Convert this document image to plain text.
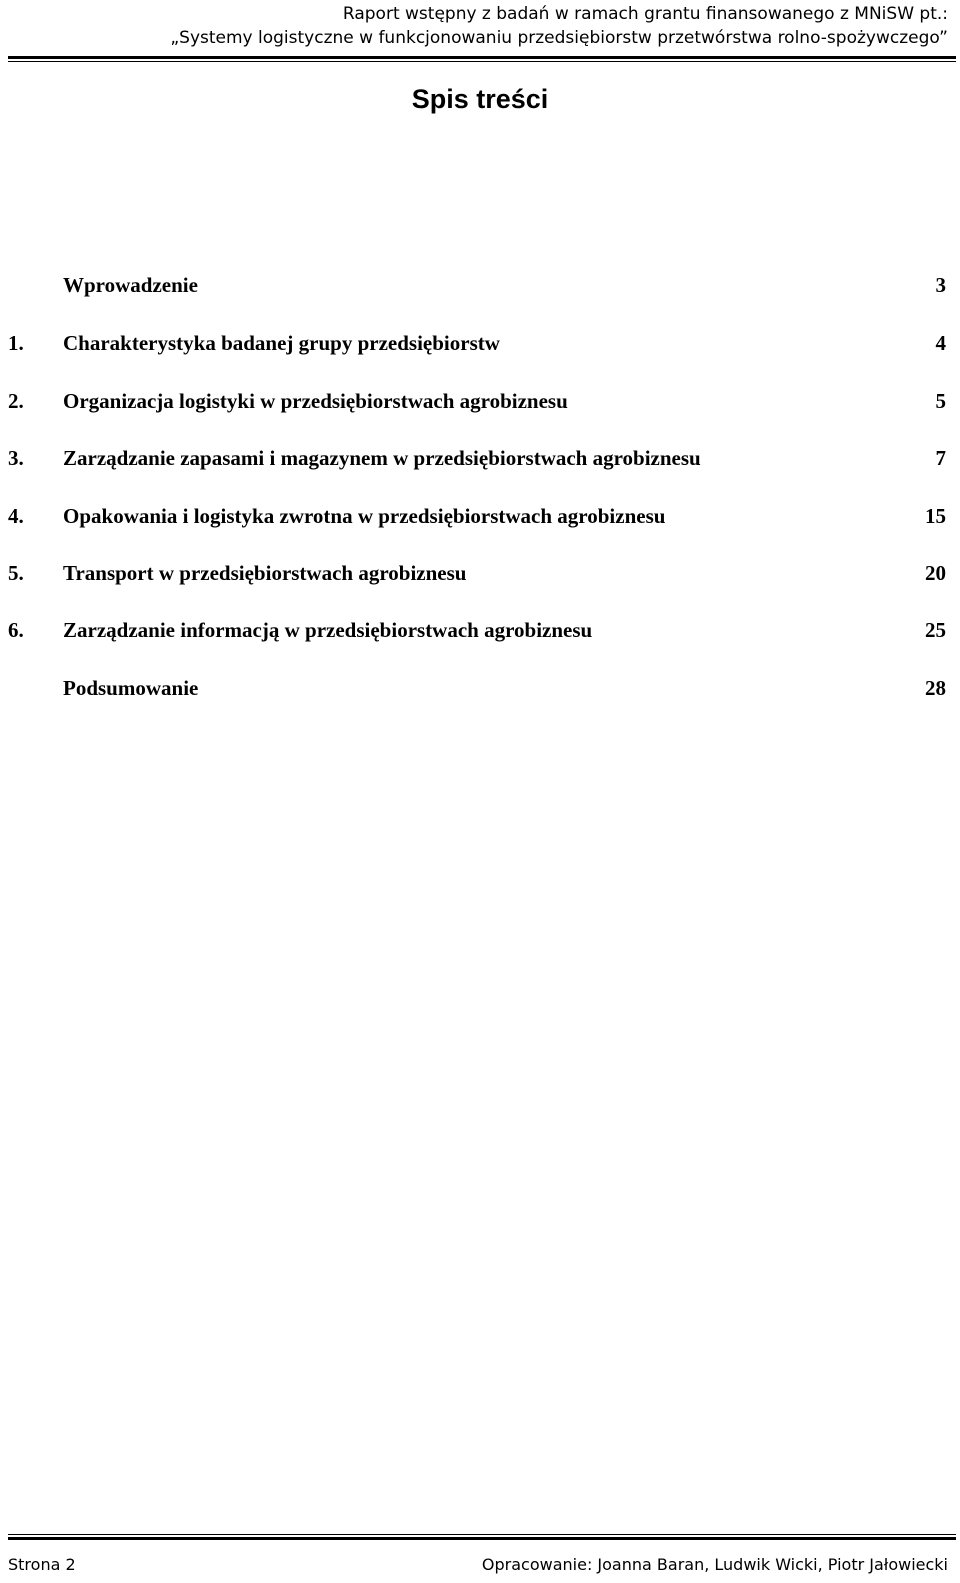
Raport wstępny z badań w ramach grantu finansowanego z MNiSW pt.:
„Systemy logistyczne w funkcjonowaniu przedsiębiorstw przetwórstwa rolno-spożywczego”
Spis treści
Wprowadzenie	3
1. Charakterystyka badanej grupy przedsiębiorstw	4
2. Organizacja logistyki w przedsiębiorstwach agrobiznesu	5
3. Zarządzanie zapasami i magazynem w przedsiębiorstwach agrobiznesu	7
4. Opakowania i logistyka zwrotna w przedsiębiorstwach agrobiznesu	15
5. Transport w przedsiębiorstwach agrobiznesu	20
6. Zarządzanie informacją w przedsiębiorstwach agrobiznesu	25
Podsumowanie	28
Strona 2	Opracowanie: Joanna Baran, Ludwik Wicki, Piotr Jałowiecki
